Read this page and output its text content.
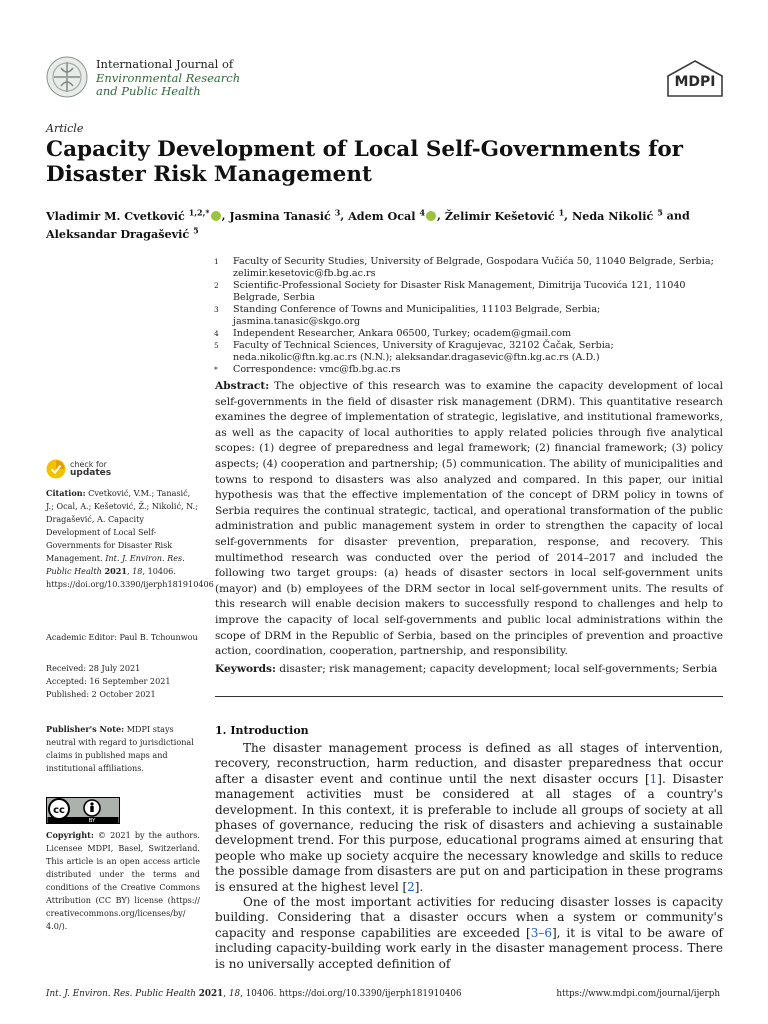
International Journal of
Environmental Research
and Public Health
MDPI
Article
Capacity Development of Local Self-Governments for Disaster Risk Management
Vladimir M. Cvetković $^{1,2,*}$ , Jasmina Tanasić $^3$, Adem Ocal $^4$ , Želimir Kešetović $^1$, Neda Nikolić $^5$ and
Aleksandar Dragašević $^5$
1	Faculty of Security Studies, University of Belgrade, Gospodara Vučića 50, 11040 Belgrade, Serbia; zelimir.kesetovic@fb.bg.ac.rs
2	Scientific-Professional Society for Disaster Risk Management, Dimitrija Tucovića 121, 11040 Belgrade, Serbia
3	Standing Conference of Towns and Municipalities, 11103 Belgrade, Serbia; jasmina.tanasic@skgo.org
4	Independent Researcher, Ankara 06500, Turkey; ocadem@gmail.com
5	Faculty of Technical Sciences, University of Kragujevac, 32102 Čačak, Serbia; neda.nikolic@ftn.kg.ac.rs (N.N.); aleksandar.dragasevic@ftn.kg.ac.rs (A.D.)
*	Correspondence: vmc@fb.bg.ac.rs
check for
updates
Citation: Cvetković, V.M.; Tanasić, J.; Ocal, A.; Kešetović, Ž.; Nikolić, N.; Dragašević, A. Capacity Development of Local Self-Governments for Disaster Risk Management. Int. J. Environ. Res. Public Health 2021, 18, 10406. https://doi.org/10.3390/ijerph181910406
Academic Editor: Paul B. Tchounwou
Received: 28 July 2021
Accepted: 16 September 2021
Published: 2 October 2021
Publisher's Note: MDPI stays neutral with regard to jurisdictional claims in published maps and institutional affiliations.
cc
BY
Copyright: © 2021 by the authors. Licensee MDPI, Basel, Switzerland. This article is an open access article distributed under the terms and conditions of the Creative Commons Attribution (CC BY) license (https:// creativecommons.org/licenses/by/ 4.0/).
Abstract: The objective of this research was to examine the capacity development of local self-governments in the field of disaster risk management (DRM). This quantitative research examines the degree of implementation of strategic, legislative, and institutional frameworks, as well as the capacity of local authorities to apply related policies through five analytical scopes: (1) degree of preparedness and legal framework; (2) financial framework; (3) policy aspects; (4) cooperation and partnership; (5) communication. The ability of municipalities and towns to respond to disasters was also analyzed and compared. In this paper, our initial hypothesis was that the effective implementation of the concept of DRM policy in towns of Serbia requires the continual strategic, tactical, and operational transformation of the public administration and public management system in order to strengthen the capacity of local self-governments for disaster prevention, preparation, response, and recovery. This multimethod research was conducted over the period of 2014–2017 and included the following two target groups: (a) heads of disaster sectors in local self-government units (mayor) and (b) employees of the DRM sector in local self-government units. The results of this research will enable decision makers to successfully respond to challenges and help to improve the capacity of local self-governments and public local administrations within the scope of DRM in the Republic of Serbia, based on the principles of prevention and proactive action, coordination, cooperation, partnership, and responsibility.
Keywords: disaster; risk management; capacity development; local self-governments; Serbia
1. Introduction

The disaster management process is defined as all stages of intervention, recovery, reconstruction, harm reduction, and disaster preparedness that occur after a disaster event and continue until the next disaster occurs [1]. Disaster management activities must be considered at all stages of a country's development. In this context, it is preferable to include all groups of society at all phases of governance, reducing the risk of disasters and achieving a sustainable development trend. For this purpose, educational programs aimed at ensuring that people who make up society acquire the necessary knowledge and skills to reduce the possible damage from disasters are put on and participation in these programs is ensured at the highest level [2].

One of the most important activities for reducing disaster losses is capacity building. Considering that a disaster occurs when a system or community's capacity and response capabilities are exceeded [3–6], it is vital to be aware of including capacity-building work early in the disaster management process. There is no universally accepted definition of

Int. J. Environ. Res. Public Health 2021, 18, 10406. https://doi.org/10.3390/ijerph181910406	https://www.mdpi.com/journal/ijerph
